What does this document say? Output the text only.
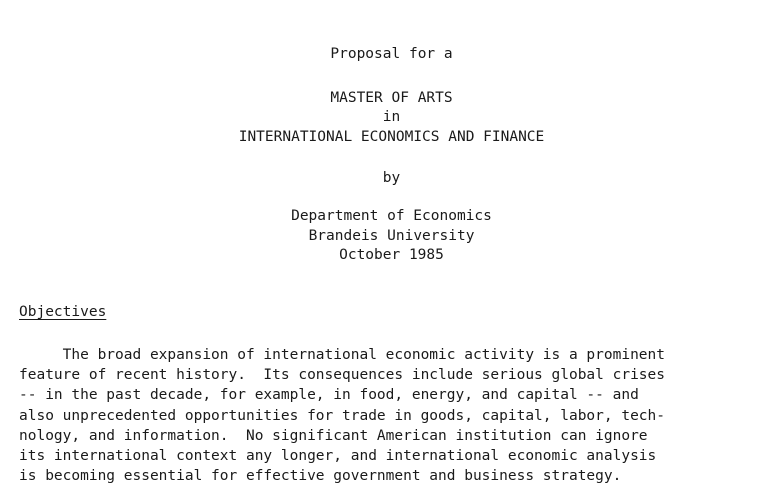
Proposal for a
MASTER OF ARTS
in
INTERNATIONAL ECONOMICS AND FINANCE
by
Department of Economics
Brandeis University
October 1985
Objectives
The broad expansion of international economic activity is a prominent
feature of recent history.  Its consequences include serious global crises
-- in the past decade, for example, in food, energy, and capital -- and
also unprecedented opportunities for trade in goods, capital, labor, tech-
nology, and information.  No significant American institution can ignore
its international context any longer, and international economic analysis
is becoming essential for effective government and business strategy.
